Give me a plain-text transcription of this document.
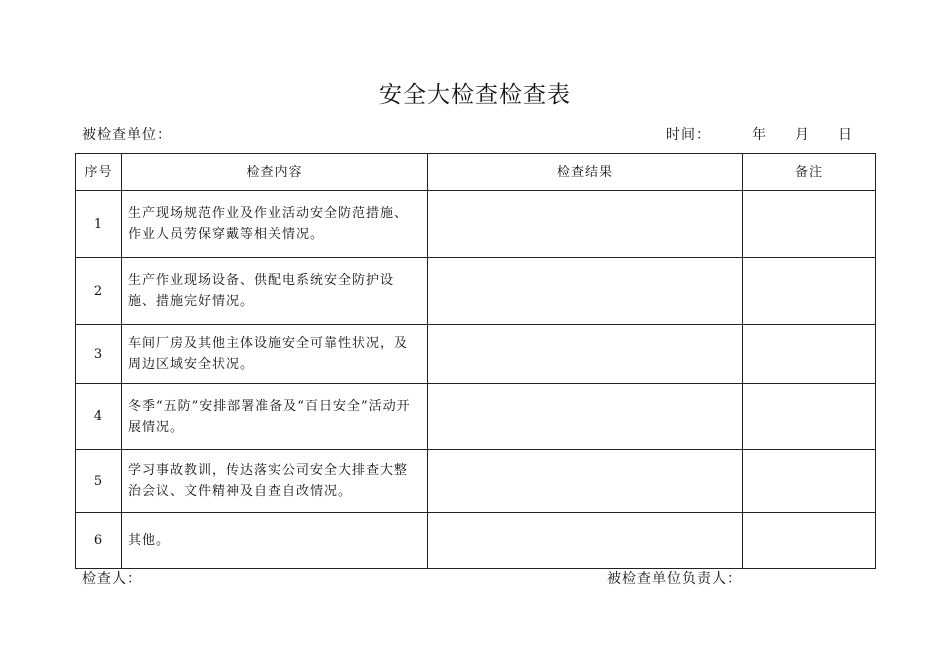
安全大检查检查表
被检查单位：	时间：	年 月 日
序号	检查内容	检查结果	备注
1	生产现场规范作业及作业活动安全防范措施、作业人员劳保穿戴等相关情况。		
2	生产作业现场设备、供配电系统安全防护设施、措施完好情况。		
3	车间厂房及其他主体设施安全可靠性状况，及周边区域安全状况。		
4	冬季“五防”安排部署准备及“百日安全”活动开展情况。		
5	学习事故教训，传达落实公司安全大排查大整治会议、文件精神及自查自改情况。		
6	其他。		
检查人：	被检查单位负责人：
